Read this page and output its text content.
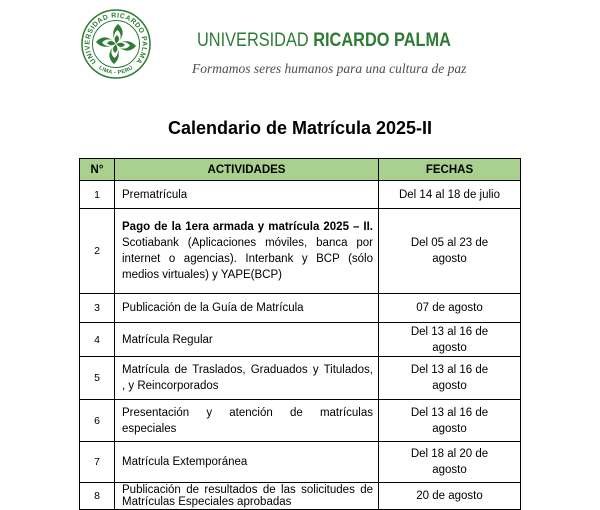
UNIVERSIDAD RICARDO PALMA
LIMA - PERÚ
UNIVERSIDAD RICARDO PALMA
Formamos seres humanos para una cultura de paz
Calendario de Matrícula 2025-II
N°	ACTIVIDADES	FECHAS
1	Prematrícula	Del 14 al 18 de julio

2	Pago de la 1era armada y matrícula 2025 – II.
Scotiabank (Aplicaciones móviles, banca por
internet o agencias). Interbank y BCP (sólo
medios virtuales) y YAPE(BCP)	Del 05 al 23 de agosto

3	Publicación de la Guía de Matrícula	07 de agosto

4	Matrícula Regular	Del 13 al 16 de agosto

5	Matrícula de Traslados, Graduados y Titulados,
, y Reincorporados	Del 13 al 16 de agosto

6	Presentación y atención de matrículas
especiales	Del 13 al 16 de agosto

7	Matrícula Extemporánea	Del 18 al 20 de agosto

8	Publicación de resultados de las solicitudes de
Matrículas Especiales aprobadas	20 de agosto
